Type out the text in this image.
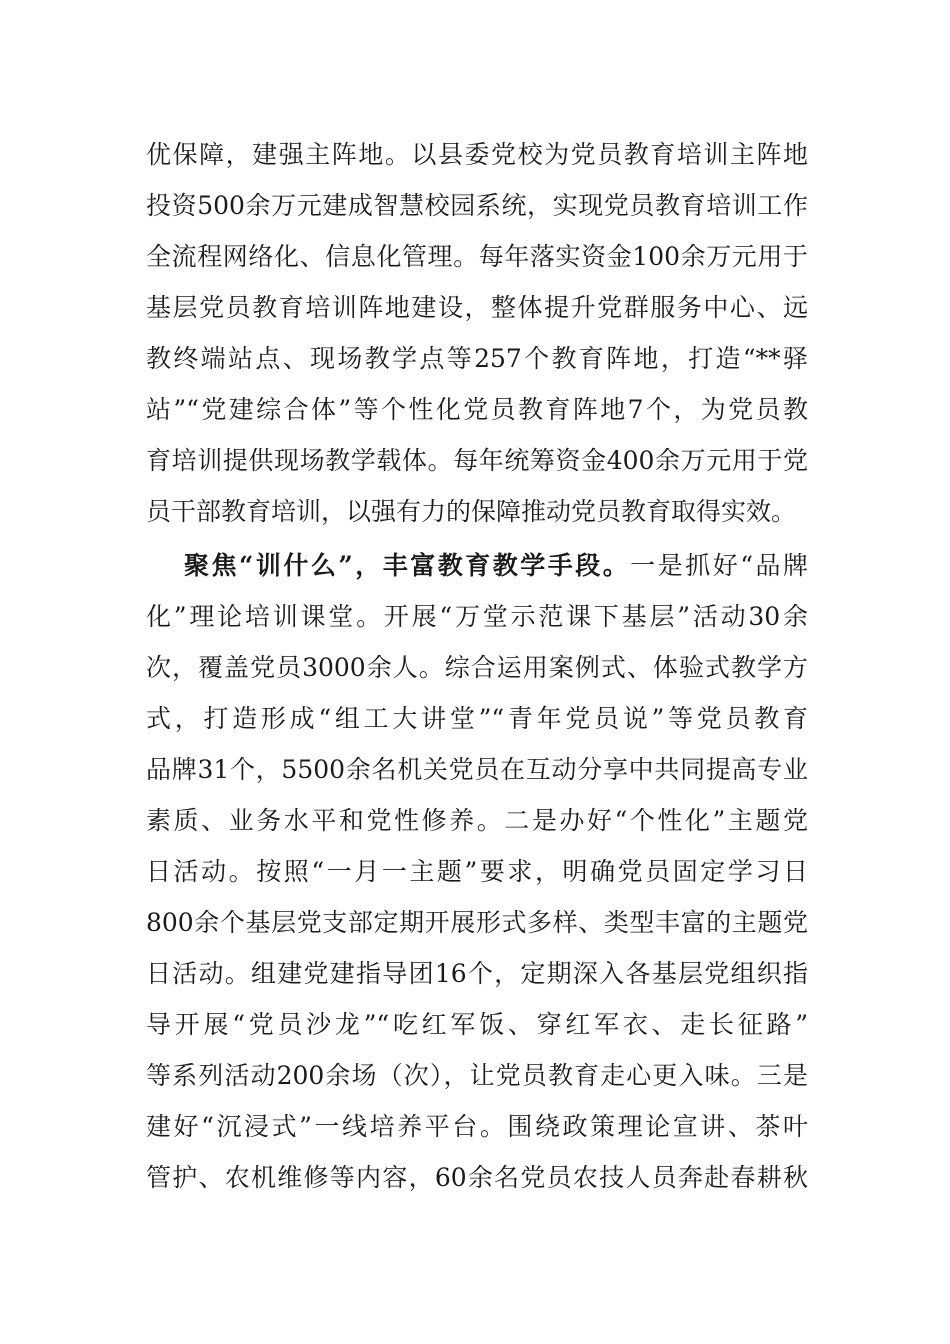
优保障，建强主阵地。以县委党校为党员教育培训主阵地
投资500余万元建成智慧校园系统，实现党员教育培训工作
全流程网络化、信息化管理。每年落实资金100余万元用于
基层党员教育培训阵地建设，整体提升党群服务中心、远
教终端站点、现场教学点等257个教育阵地，打造“**驿
站”“党建综合体”等个性化党员教育阵地7个，为党员教
育培训提供现场教学载体。每年统筹资金400余万元用于党
员干部教育培训，以强有力的保障推动党员教育取得实效。
聚焦“训什么”，丰富教育教学手段。一是抓好“品牌
化”理论培训课堂。开展“万堂示范课下基层”活动30余
次，覆盖党员3000余人。综合运用案例式、体验式教学方
式，打造形成“组工大讲堂”“青年党员说”等党员教育
品牌31个，5500余名机关党员在互动分享中共同提高专业
素质、业务水平和党性修养。二是办好“个性化”主题党
日活动。按照“一月一主题”要求，明确党员固定学习日
800余个基层党支部定期开展形式多样、类型丰富的主题党
日活动。组建党建指导团16个，定期深入各基层党组织指
导开展“党员沙龙”“吃红军饭、穿红军衣、走长征路”
等系列活动200余场（次），让党员教育走心更入味。三是
建好“沉浸式”一线培养平台。围绕政策理论宣讲、茶叶
管护、农机维修等内容，60余名党员农技人员奔赴春耕秋
